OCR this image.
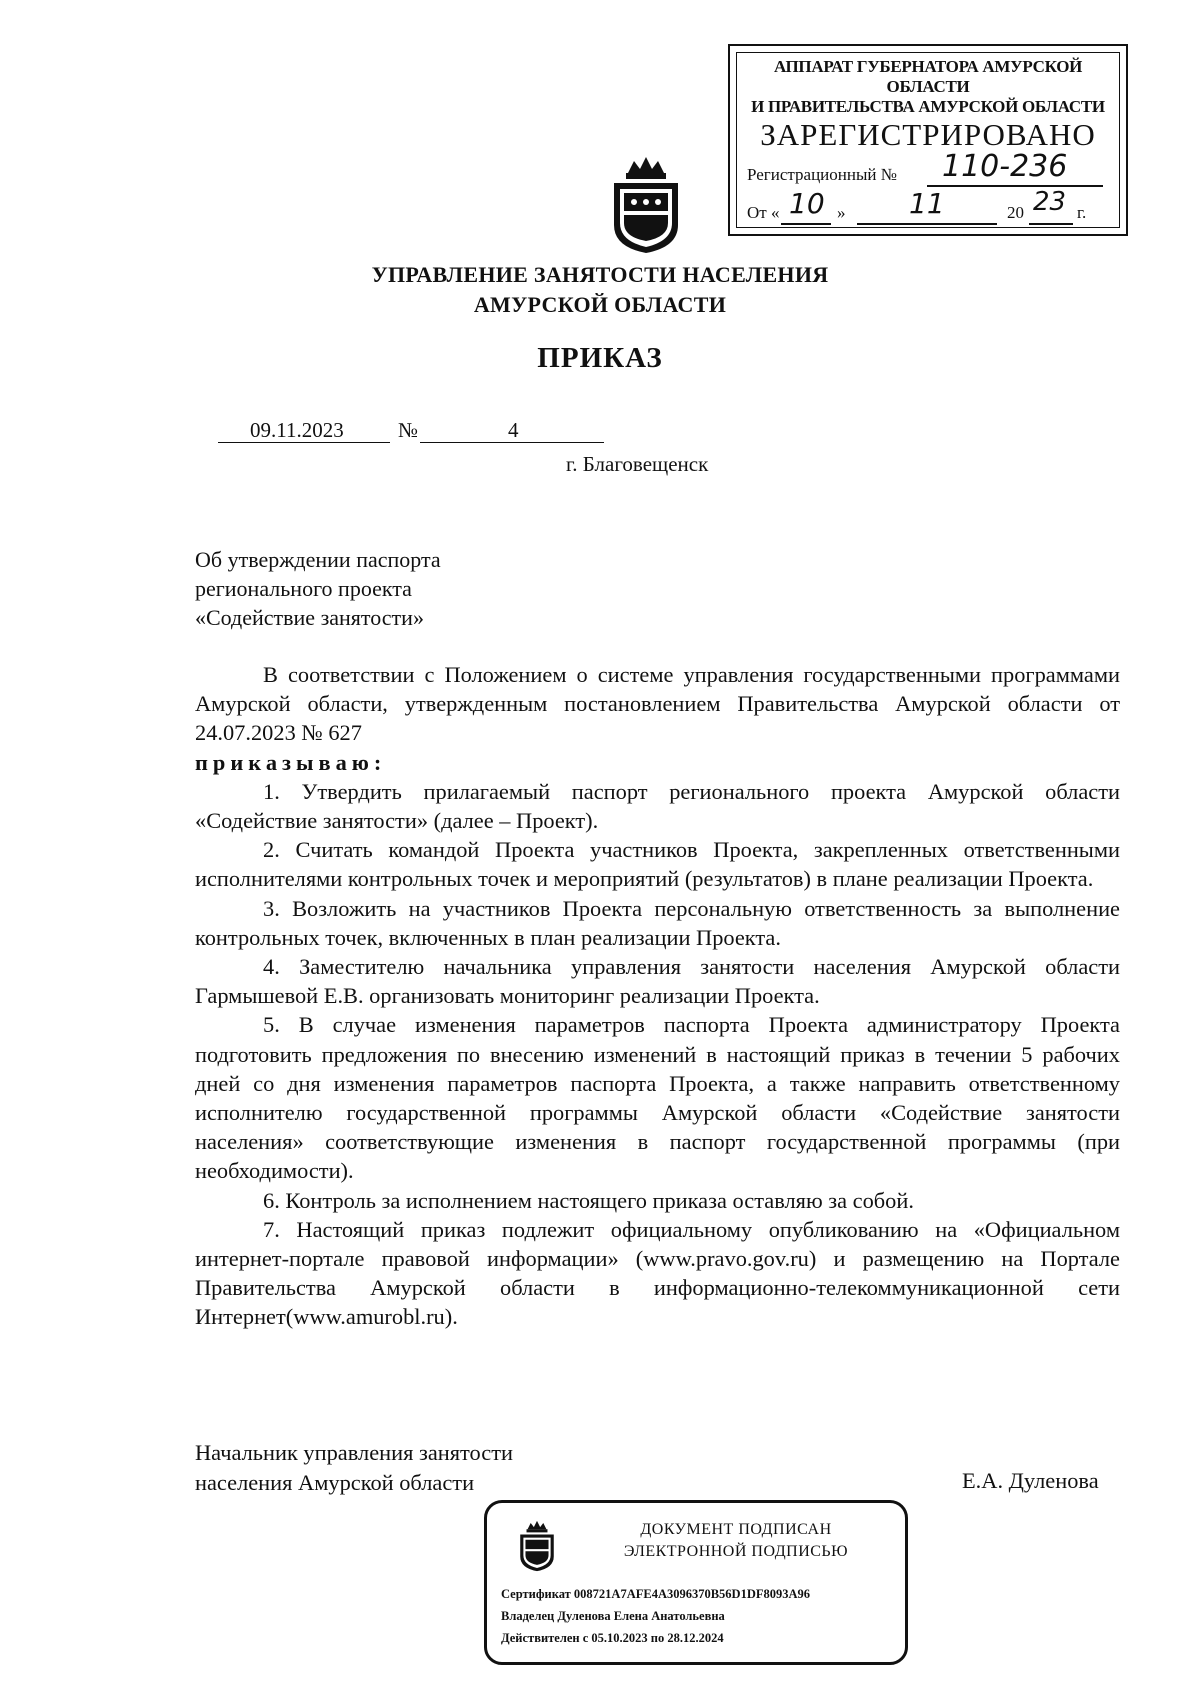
АППАРАТ ГУБЕРНАТОРА АМУРСКОЙ ОБЛАСТИ
И ПРАВИТЕЛЬСТВА АМУРСКОЙ ОБЛАСТИ
ЗАРЕГИСТРИРОВАНО
Регистрационный № 110-236
От « 10 » 11	20 23 г.
УПРАВЛЕНИЕ ЗАНЯТОСТИ НАСЕЛЕНИЯ
АМУРСКОЙ ОБЛАСТИ
ПРИКАЗ
09.11.2023	№	4
г. Благовещенск
Об утверждении паспорта
регионального проекта
«Содействие занятости»

В соответствии с Положением о системе управления государственными программами Амурской области, утвержденным постановлением Правительства Амурской области от 24.07.2023 № 627

приказываю:

1. Утвердить прилагаемый паспорт регионального проекта Амурской области «Содействие занятости» (далее – Проект).

2. Считать командой Проекта участников Проекта, закрепленных ответственными исполнителями контрольных точек и мероприятий (результатов) в плане реализации Проекта.

3. Возложить на участников Проекта персональную ответственность за выполнение контрольных точек, включенных в план реализации Проекта.

4. Заместителю начальника управления занятости населения Амурской области Гармышевой Е.В. организовать мониторинг реализации Проекта.

5. В случае изменения параметров паспорта Проекта администратору Проекта подготовить предложения по внесению изменений в настоящий приказ в течении 5 рабочих дней со дня изменения параметров паспорта Проекта, а также направить ответственному исполнителю государственной программы Амурской области «Содействие занятости населения» соответствующие изменения в паспорт государственной программы (при необходимости).

6. Контроль за исполнением настоящего приказа оставляю за собой.

7. Настоящий приказ подлежит официальному опубликованию на «Официальном интернет-портале правовой информации» (www.pravo.gov.ru) и размещению на Портале Правительства Амурской области в информационно-телекоммуникационной сети Интернет(www.amurobl.ru).

Начальник управления занятости
населения Амурской области	Е.А. Дуленова
ДОКУМЕНТ ПОДПИСАН
ЭЛЕКТРОННОЙ ПОДПИСЬЮ
Сертификат 008721A7AFE4A3096370B56D1DF8093A96
Владелец Дуленова Елена Анатольевна
Действителен с 05.10.2023 по 28.12.2024
